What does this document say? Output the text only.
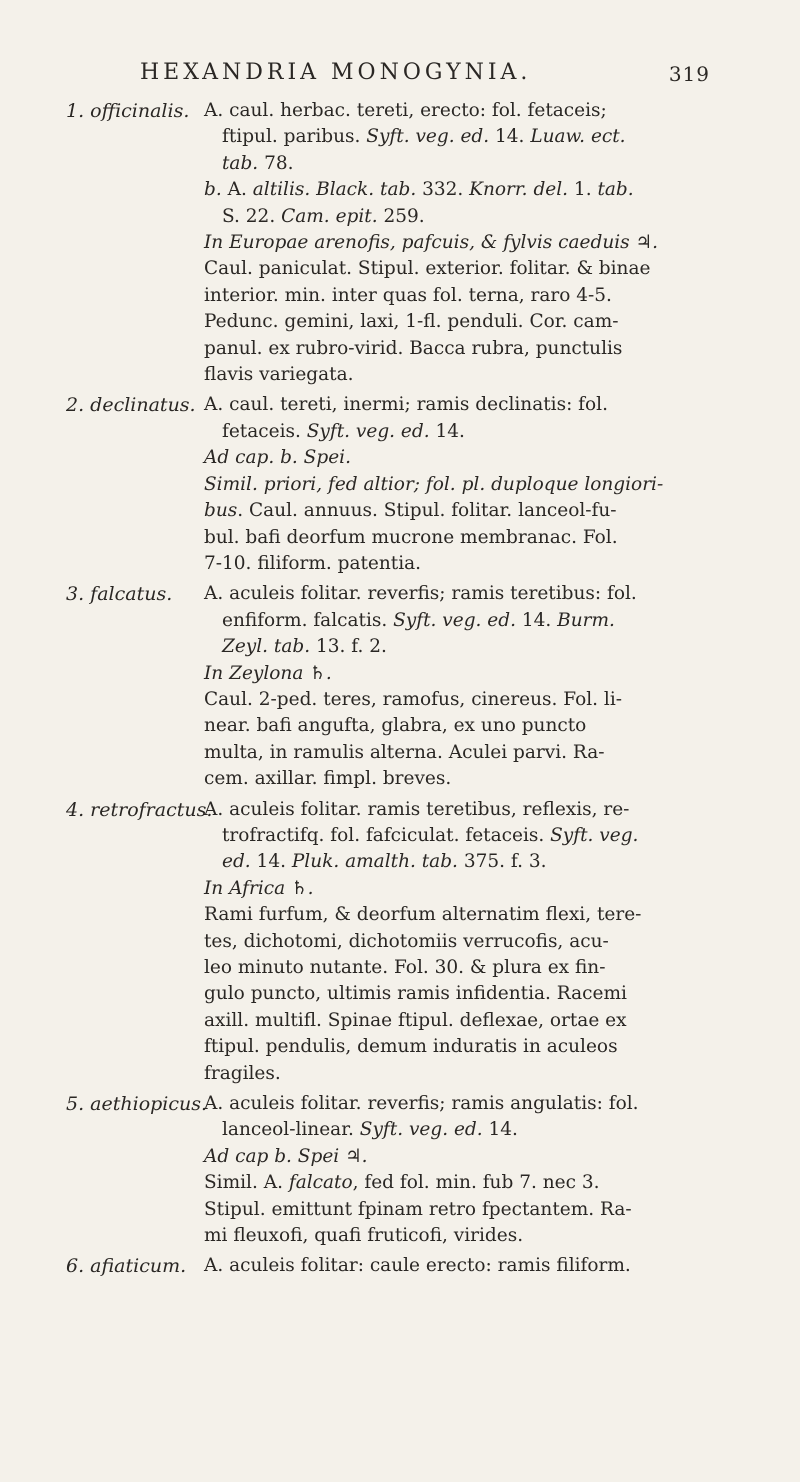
HEXANDRIA MONOGYNIA.	319
1. officinalis. A. caul. herbac. tereti, erecto: fol. fetaceis;
ftipul. paribus. Syft. veg. ed. 14. Luaw. ect.
tab. 78.
b. A. altilis. Black. tab. 332. Knorr. del. 1. tab.
S. 22. Cam. epit. 259.
In Europae arenofis, pafcuis, & fylvis caeduis ♃.
Caul. paniculat. Stipul. exterior. folitar. & binae
interior. min. inter quas fol. terna, raro 4-5.
Pedunc. gemini, laxi, 1-fl. penduli. Cor. cam-
panul. ex rubro-virid. Bacca rubra, punctulis
flavis variegata.
2. declinatus. A. caul. tereti, inermi; ramis declinatis: fol.
fetaceis. Syft. veg. ed. 14.
Ad cap. b. Spei.
Simil. priori, fed altior; fol. pl. duploque longiori-
bus. Caul. annuus. Stipul. folitar. lanceol-fu-
bul. bafi deorfum mucrone membranac. Fol.
7-10. filiform. patentia.
3. falcatus.	A. aculeis folitar. reverfis; ramis teretibus: fol.
enfiform. falcatis. Syft. veg. ed. 14. Burm.
Zeyl. tab. 13. f. 2.
In Zeylona ♄.
Caul. 2-ped. teres, ramofus, cinereus. Fol. li-
near. bafi angufta, glabra, ex uno puncto
multa, in ramulis alterna. Aculei parvi. Ra-
cem. axillar. fimpl. breves.
4. retrofractus.
A. aculeis folitar. ramis teretibus, reflexis, re-
trofractifq. fol. fafciculat. fetaceis. Syft. veg.
ed. 14. Pluk. amalth. tab. 375. f. 3.
In Africa ♄.
Rami furfum, & deorfum alternatim flexi, tere-
tes, dichotomi, dichotomiis verrucofis, acu-
leo minuto nutante. Fol. 30. & plura ex fin-
gulo puncto, ultimis ramis infidentia. Racemi
axill. multifl. Spinae ftipul. deflexae, ortae ex
ftipul. pendulis, demum induratis in aculeos
fragiles.
5. aethiopicus.
A. aculeis folitar. reverfis; ramis angulatis: fol.
lanceol-linear. Syft. veg. ed. 14.
Ad cap b. Spei ♃.
Simil. A. falcato, fed fol. min. fub 7. nec 3.
Stipul. emittunt fpinam retro fpectantem. Ra-
mi fleuxofi, quafi fruticofi, virides.
6. afiaticum. A. aculeis folitar: caule erecto: ramis filiform.
